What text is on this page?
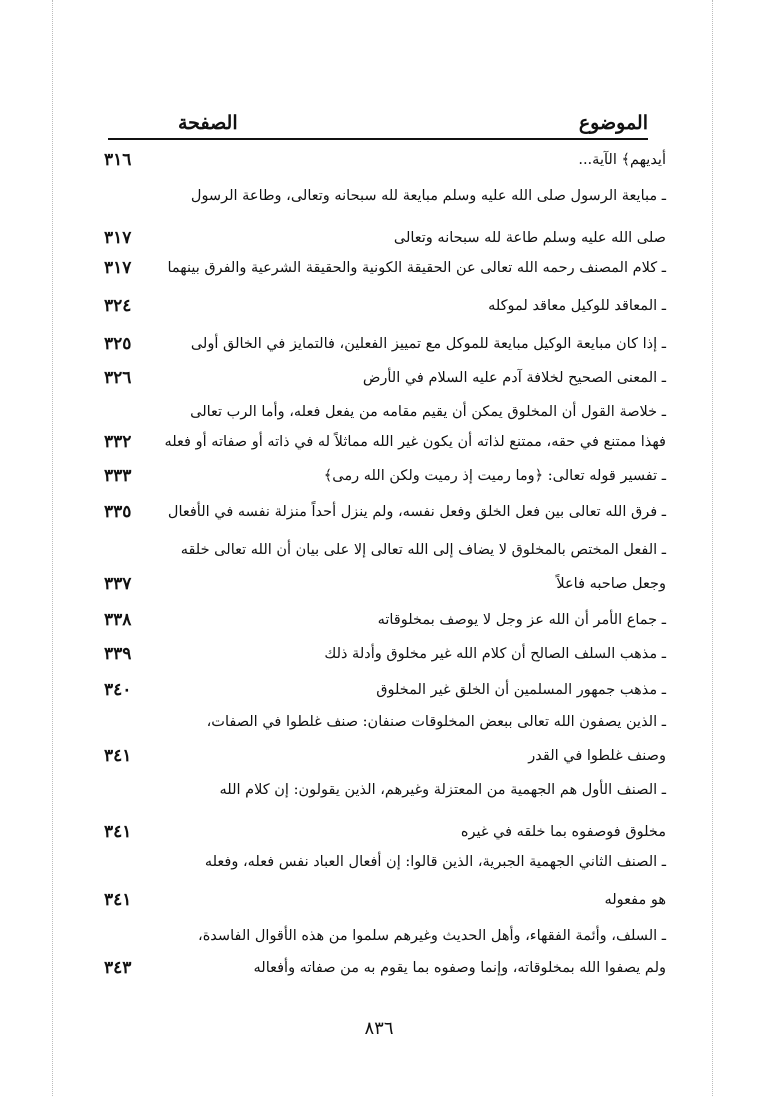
الموضوع
الصفحة
أيديهم﴾ الآية...
٣١٦
ـ مبايعة الرسول صلى الله عليه وسلم مبايعة لله سبحانه وتعالى، وطاعة الرسول
صلى الله عليه وسلم طاعة لله سبحانه وتعالى
٣١٧
ـ كلام المصنف رحمه الله تعالى عن الحقيقة الكونية والحقيقة الشرعية والفرق بينهما
٣١٧
ـ المعاقد للوكيل معاقد لموكله
٣٢٤
ـ إذا كان مبايعة الوكيل مبايعة للموكل مع تمييز الفعلين، فالتمايز في الخالق أولى
٣٢٥
ـ المعنى الصحيح لخلافة آدم عليه السلام في الأرض
٣٢٦
ـ خلاصة القول أن المخلوق يمكن أن يقيم مقامه من يفعل فعله، وأما الرب تعالى
فهذا ممتنع في حقه، ممتنع لذاته أن يكون غير الله مماثلاً له في ذاته أو صفاته أو فعله
٣٣٢
ـ تفسير قوله تعالى: ﴿وما رميت إذ رميت ولكن الله رمى﴾
٣٣٣
ـ فرق الله تعالى بين فعل الخلق وفعل نفسه، ولم ينزل أحداً منزلة نفسه في الأفعال
٣٣٥
ـ الفعل المختص بالمخلوق لا يضاف إلى الله تعالى إلا على بيان أن الله تعالى خلقه
وجعل صاحبه فاعلاً
٣٣٧
ـ جماع الأمر أن الله عز وجل لا يوصف بمخلوقاته
٣٣٨
ـ مذهب السلف الصالح أن كلام الله غير مخلوق وأدلة ذلك
٣٣٩
ـ مذهب جمهور المسلمين أن الخلق غير المخلوق
٣٤٠
ـ الذين يصفون الله تعالى ببعض المخلوقات صنفان: صنف غلطوا في الصفات،
وصنف غلطوا في القدر
٣٤١
ـ الصنف الأول هم الجهمية من المعتزلة وغيرهم، الذين يقولون: إن كلام الله
مخلوق فوصفوه بما خلقه في غيره
٣٤١
ـ الصنف الثاني الجهمية الجبرية، الذين قالوا: إن أفعال العباد نفس فعله، وفعله
هو مفعوله
٣٤١
ـ السلف، وأئمة الفقهاء، وأهل الحديث وغيرهم سلموا من هذه الأقوال الفاسدة،
ولم يصفوا الله بمخلوقاته، وإنما وصفوه بما يقوم به من صفاته وأفعاله
٣٤٣
٨٣٦
